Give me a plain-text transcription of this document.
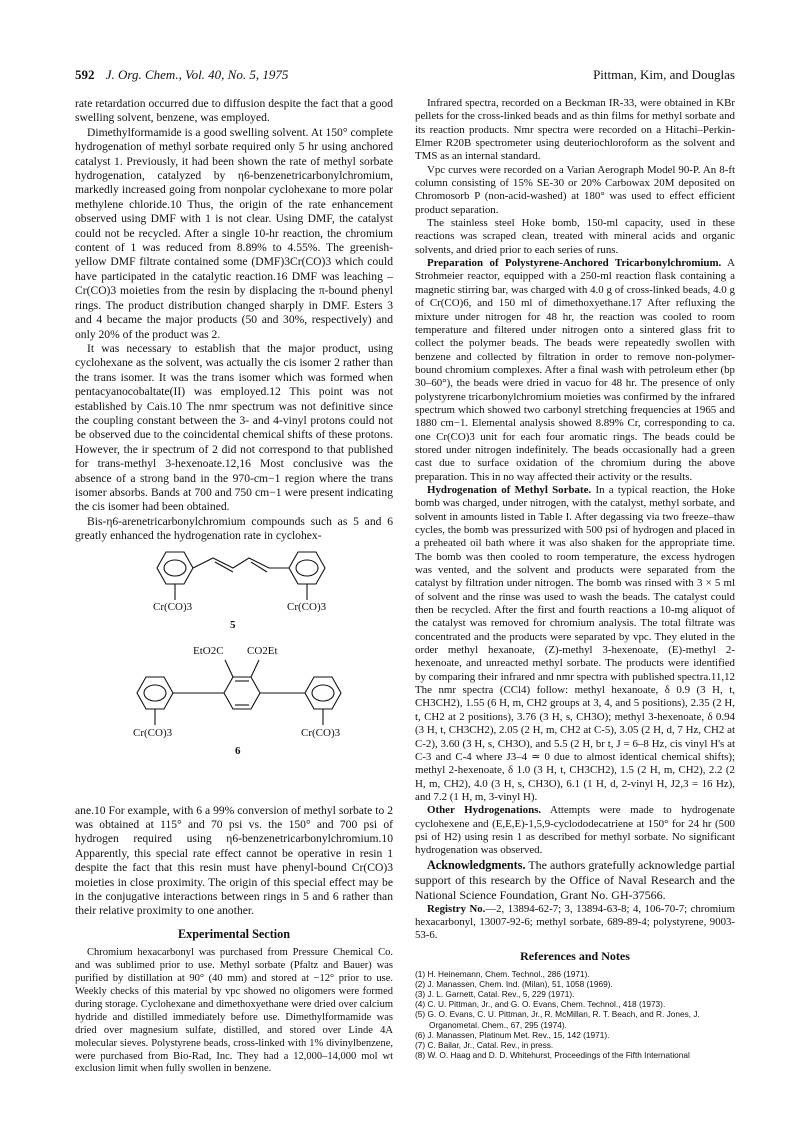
592 J. Org. Chem., Vol. 40, No. 5, 1975	Pittman, Kim, and Douglas

rate retardation occurred due to diffusion despite the fact that a good swelling solvent, benzene, was employed.

Dimethylformamide is a good swelling solvent. At 150° complete hydrogenation of methyl sorbate required only 5 hr using anchored catalyst 1. Previously, it had been shown the rate of methyl sorbate hydrogenation, catalyzed by η6-benzenetricarbonylchromium, markedly increased going from nonpolar cyclohexane to more polar methylene chloride.10 Thus, the origin of the rate enhancement observed using DMF with 1 is not clear. Using DMF, the catalyst could not be recycled. After a single 10-hr reaction, the chromium content of 1 was reduced from 8.89% to 4.55%. The greenish-yellow DMF filtrate contained some (DMF)3Cr(CO)3 which could have participated in the catalytic reaction.16 DMF was leaching –Cr(CO)3 moieties from the resin by displacing the π-bound phenyl rings. The product distribution changed sharply in DMF. Esters 3 and 4 became the major products (50 and 30%, respectively) and only 20% of the product was 2.

It was necessary to establish that the major product, using cyclohexane as the solvent, was actually the cis isomer 2 rather than the trans isomer. It was the trans isomer which was formed when pentacyanocobaltate(II) was employed.12 This point was not established by Cais.10 The nmr spectrum was not definitive since the coupling constant between the 3- and 4-vinyl protons could not be observed due to the coincidental chemical shifts of these protons. However, the ir spectrum of 2 did not correspond to that published for trans-methyl 3-hexenoate.12,16 Most conclusive was the absence of a strong band in the 970-cm−1 region where the trans isomer absorbs. Bands at 700 and 750 cm−1 were present indicating the cis isomer had been obtained.

Bis-η6-arenetricarbonylchromium compounds such as 5 and 6 greatly enhanced the hydrogenation rate in cyclohex-

Cr(CO)3	Cr(CO)3
5
EtO2C CO2Et
Cr(CO)3	Cr(CO)3
6

ane.10 For example, with 6 a 99% conversion of methyl sorbate to 2 was obtained at 115° and 70 psi vs. the 150° and 700 psi of hydrogen required using η6-benzenetricarbonylchromium.10 Apparently, this special rate effect cannot be operative in resin 1 despite the fact that this resin must have phenyl-bound Cr(CO)3 moieties in close proximity. The origin of this special effect may be in the conjugative interactions between rings in 5 and 6 rather than their relative proximity to one another.

Experimental Section

Chromium hexacarbonyl was purchased from Pressure Chemical Co. and was sublimed prior to use. Methyl sorbate (Pfaltz and Bauer) was purified by distillation at 90° (40 mm) and stored at −12° prior to use. Weekly checks of this material by vpc showed no oligomers were formed during storage. Cyclohexane and dimethoxyethane were dried over calcium hydride and distilled immediately before use. Dimethylformamide was dried over magnesium sulfate, distilled, and stored over Linde 4A molecular sieves. Polystyrene beads, cross-linked with 1% divinylbenzene, were purchased from Bio-Rad, Inc. They had a 12,000–14,000 mol wt exclusion limit when fully swollen in benzene.

Infrared spectra, recorded on a Beckman IR-33, were obtained in KBr pellets for the cross-linked beads and as thin films for methyl sorbate and its reaction products. Nmr spectra were recorded on a Hitachi–Perkin-Elmer R20B spectrometer using deuteriochloroform as the solvent and TMS as an internal standard.

Vpc curves were recorded on a Varian Aerograph Model 90-P. An 8-ft column consisting of 15% SE-30 or 20% Carbowax 20M deposited on Chromosorb P (non-acid-washed) at 180° was used to effect efficient product separation.

The stainless steel Hoke bomb, 150-ml capacity, used in these reactions was scraped clean, treated with mineral acids and organic solvents, and dried prior to each series of runs.

Preparation of Polystyrene-Anchored Tricarbonylchromium. A Strohmeier reactor, equipped with a 250-ml reaction flask containing a magnetic stirring bar, was charged with 4.0 g of cross-linked beads, 4.0 g of Cr(CO)6, and 150 ml of dimethoxyethane.17 After refluxing the mixture under nitrogen for 48 hr, the reaction was cooled to room temperature and filtered under nitrogen onto a sintered glass frit to collect the polymer beads. The beads were repeatedly swollen with benzene and collected by filtration in order to remove non-polymer-bound chromium complexes. After a final wash with petroleum ether (bp 30–60°), the beads were dried in vacuo for 48 hr. The presence of only polystyrene tricarbonylchromium moieties was confirmed by the infrared spectrum which showed two carbonyl stretching frequencies at 1965 and 1880 cm−1. Elemental analysis showed 8.89% Cr, corresponding to ca. one Cr(CO)3 unit for each four aromatic rings. The beads could be stored under nitrogen indefinitely. The beads occasionally had a green cast due to surface oxidation of the chromium during the above preparation. This in no way affected their activity or the results.

Hydrogenation of Methyl Sorbate. In a typical reaction, the Hoke bomb was charged, under nitrogen, with the catalyst, methyl sorbate, and solvent in amounts listed in Table I. After degassing via two freeze–thaw cycles, the bomb was pressurized with 500 psi of hydrogen and placed in a preheated oil bath where it was also shaken for the appropriate time. The bomb was then cooled to room temperature, the excess hydrogen was vented, and the solvent and products were separated from the catalyst by filtration under nitrogen. The bomb was rinsed with 3 × 5 ml of solvent and the rinse was used to wash the beads. The catalyst could then be recycled. After the first and fourth reactions a 10-mg aliquot of the catalyst was removed for chromium analysis. The total filtrate was concentrated and the products were separated by vpc. They eluted in the order methyl hexanoate, (Z)-methyl 3-hexenoate, (E)-methyl 2-hexenoate, and unreacted methyl sorbate. The products were identified by comparing their infrared and nmr spectra with published spectra.11,12 The nmr spectra (CCl4) follow: methyl hexanoate, δ 0.9 (3 H, t, CH3CH2), 1.55 (6 H, m, CH2 groups at 3, 4, and 5 positions), 2.35 (2 H, t, CH2 at 2 positions), 3.76 (3 H, s, CH3O); methyl 3-hexenoate, δ 0.94 (3 H, t, CH3CH2), 2.05 (2 H, m, CH2 at C-5), 3.05 (2 H, d, 7 Hz, CH2 at C-2), 3.60 (3 H, s, CH3O), and 5.5 (2 H, br t, J = 6–8 Hz, cis vinyl H's at C-3 and C-4 where J3–4 ≃ 0 due to almost identical chemical shifts); methyl 2-hexenoate, δ 1.0 (3 H, t, CH3CH2), 1.5 (2 H, m, CH2), 2.2 (2 H, m, CH2), 4.0 (3 H, s, CH3O), 6.1 (1 H, d, 2-vinyl H, J2,3 = 16 Hz), and 7.2 (1 H, m, 3-vinyl H).

Other Hydrogenations. Attempts were made to hydrogenate cyclohexene and (E,E,E)-1,5,9-cyclododecatriene at 150° for 24 hr (500 psi of H2) using resin 1 as described for methyl sorbate. No significant hydrogenation was observed.

Acknowledgments. The authors gratefully acknowledge partial support of this research by the Office of Naval Research and the National Science Foundation, Grant No. GH-37566.

Registry No.—2, 13894-62-7; 3, 13894-63-8; 4, 106-70-7; chromium hexacarbonyl, 13007-92-6; methyl sorbate, 689-89-4; polystyrene, 9003-53-6.

References and Notes
(1) H. Heinemann, Chem. Technol., 286 (1971).
(2) J. Manassen, Chem. Ind. (Milan), 51, 1058 (1969).
(3) J. L. Garnett, Catal. Rev., 5, 229 (1971).
(4) C. U. Pittman, Jr., and G. O. Evans, Chem. Technol., 418 (1973).
(5) G. O. Evans, C. U. Pittman, Jr., R. McMillan, R. T. Beach, and R. Jones, J. Organometal. Chem., 67, 295 (1974).
(6) J. Manassen, Platinum Met. Rev., 15, 142 (1971).
(7) C. Bailar, Jr., Catal. Rev., in press.
(8) W. O. Haag and D. D. Whitehurst, Proceedings of the Fifth International
